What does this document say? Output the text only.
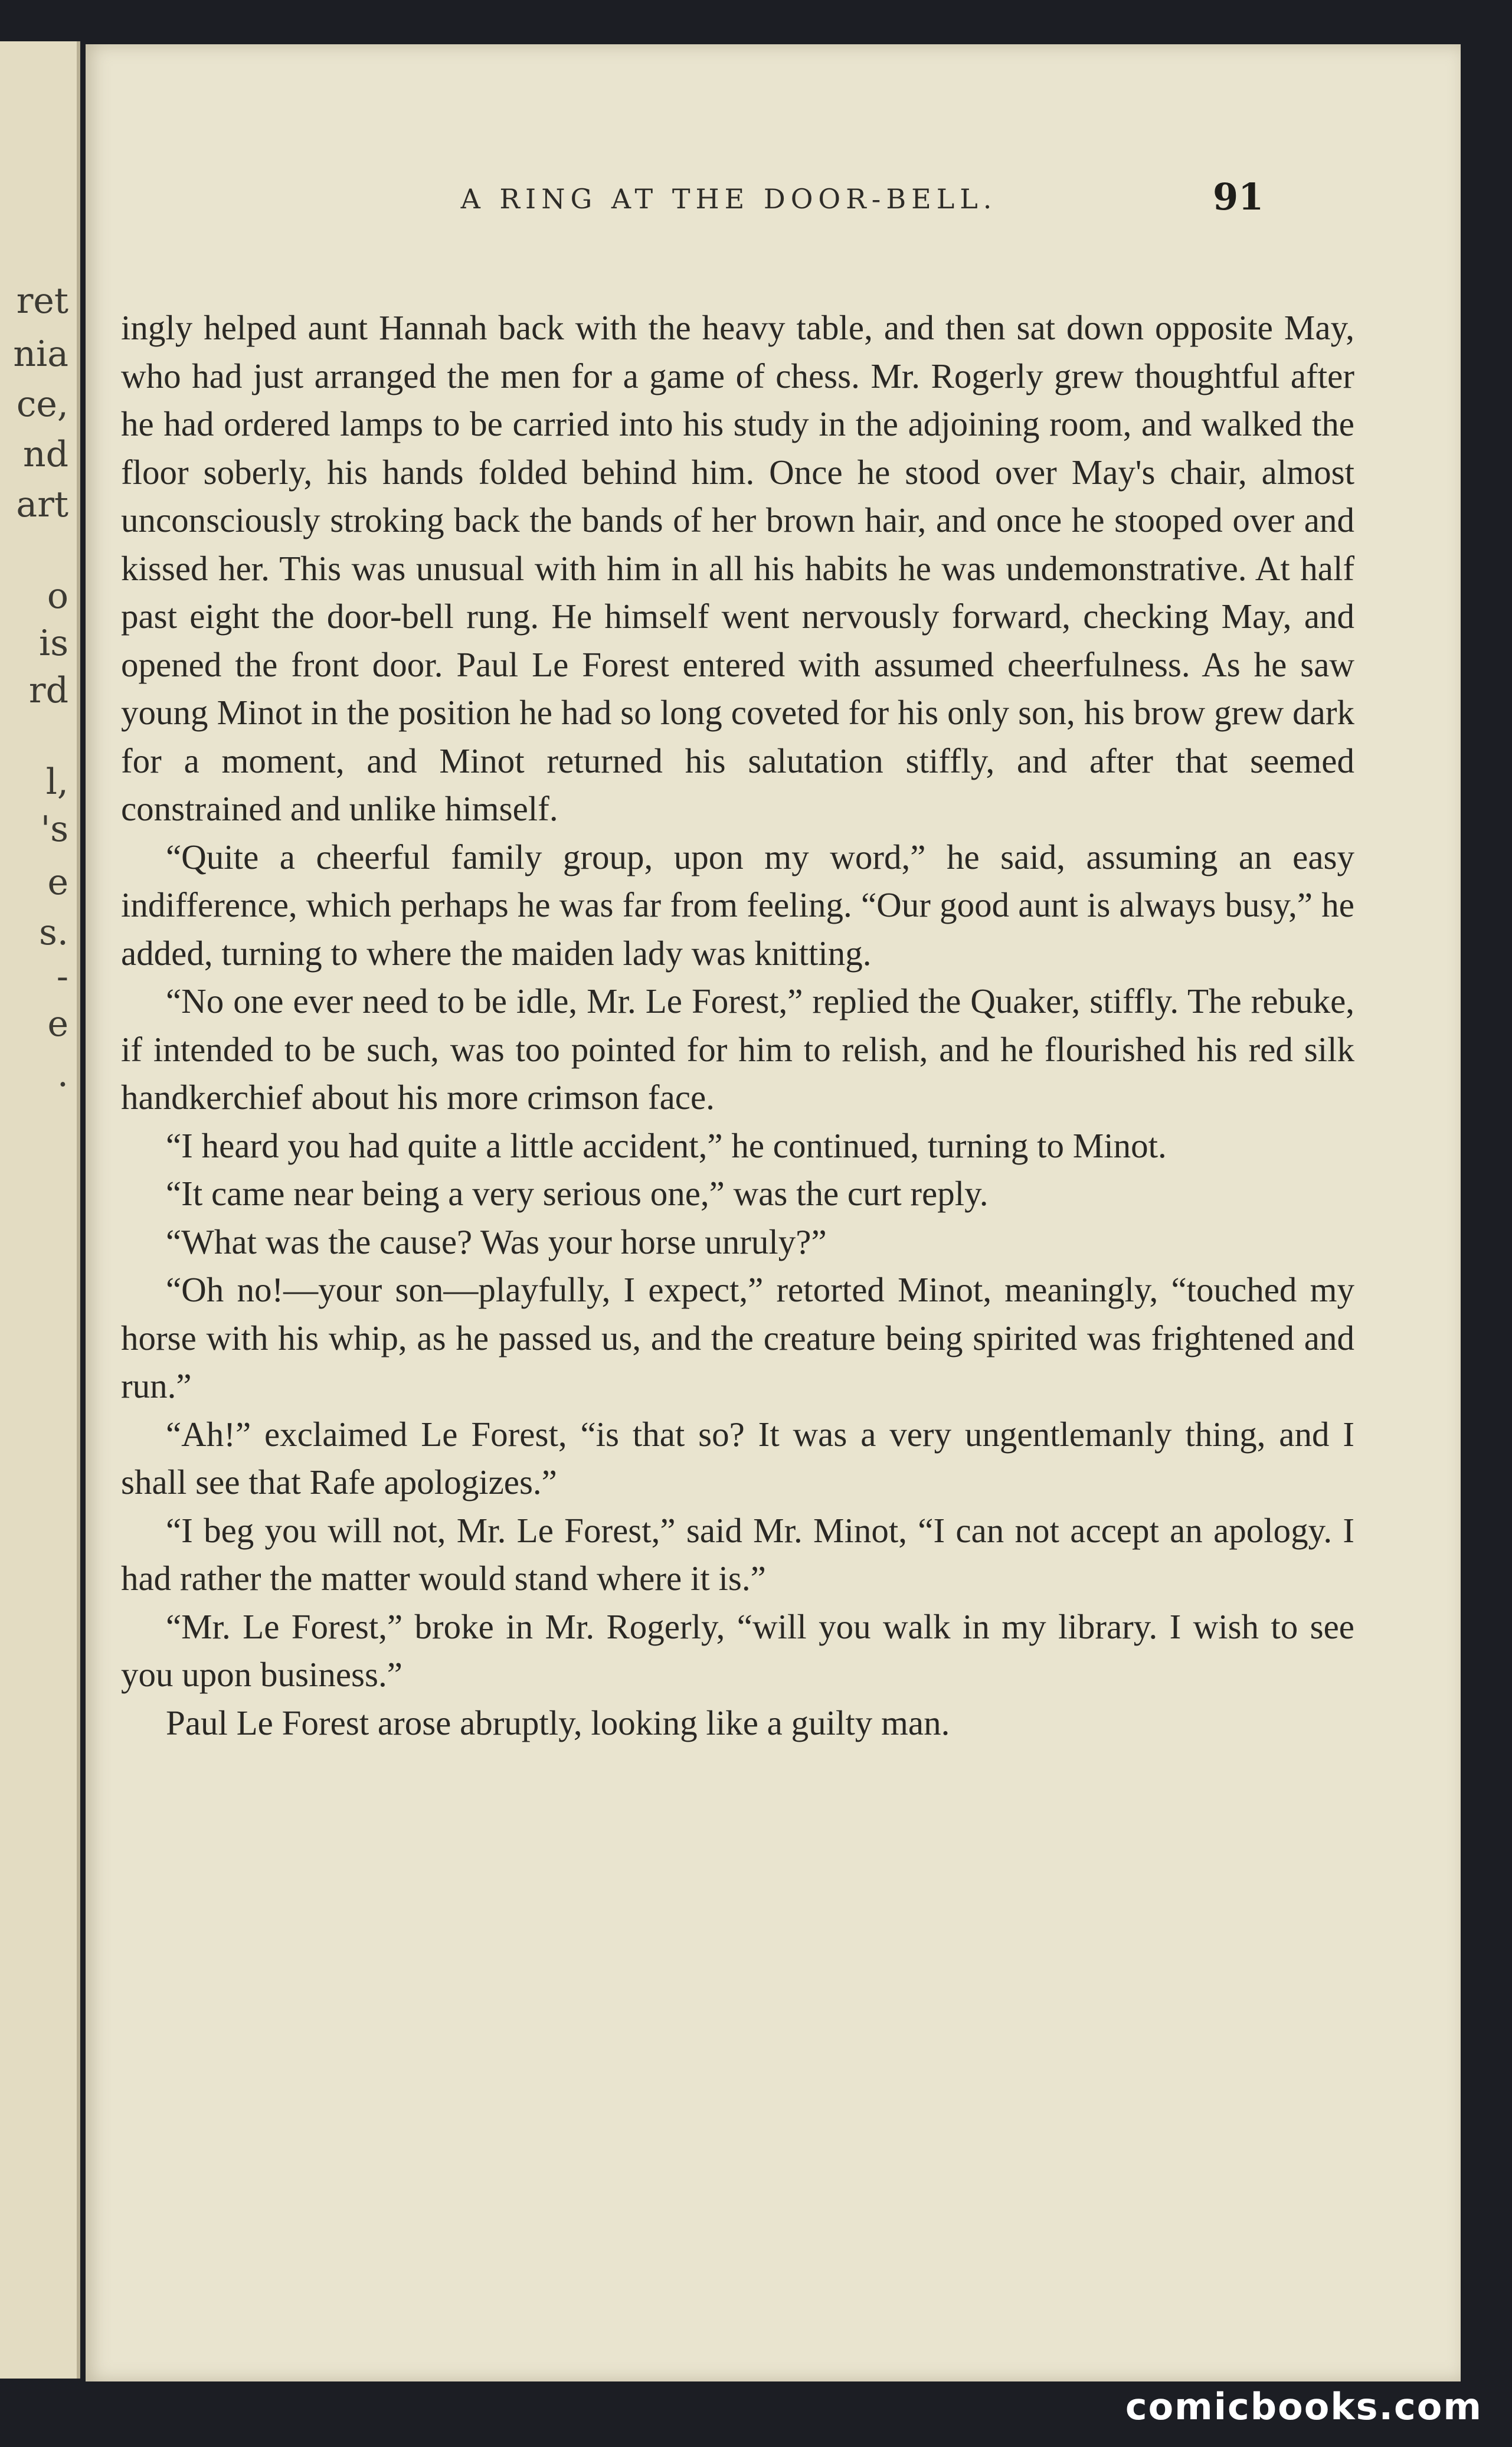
ret
nia
ce,
nd
art
o
is
rd
l,
's
e
s.
-
e
.
A RING AT THE DOOR-BELL.	91

ingly helped aunt Hannah back with the heavy table, and then sat down opposite May, who had just arranged the men for a game of chess. Mr. Rogerly grew thoughtful after he had ordered lamps to be carried into his study in the adjoining room, and walked the floor soberly, his hands folded behind him. Once he stood over May's chair, almost unconsciously stroking back the bands of her brown hair, and once he stooped over and kissed her. This was unusual with him in all his habits he was undemonstrative. At half past eight the door-bell rung. He himself went nervously forward, checking May, and opened the front door. Paul Le Forest entered with assumed cheerfulness. As he saw young Minot in the position he had so long coveted for his only son, his brow grew dark for a moment, and Minot returned his salutation stiffly, and after that seemed constrained and unlike himself.

“Quite a cheerful family group, upon my word,” he said, assuming an easy indifference, which perhaps he was far from feeling. “Our good aunt is always busy,” he added, turning to where the maiden lady was knitting.

“No one ever need to be idle, Mr. Le Forest,” replied the Quaker, stiffly. The rebuke, if intended to be such, was too pointed for him to relish, and he flourished his red silk handkerchief about his more crimson face.

“I heard you had quite a little accident,” he continued, turning to Minot.

“It came near being a very serious one,” was the curt reply.

“What was the cause? Was your horse unruly?”

“Oh no!—your son—playfully, I expect,” retorted Minot, meaningly, “touched my horse with his whip, as he passed us, and the creature being spirited was frightened and run.”

“Ah!” exclaimed Le Forest, “is that so? It was a very ungentlemanly thing, and I shall see that Rafe apologizes.”

“I beg you will not, Mr. Le Forest,” said Mr. Minot, “I can not accept an apology. I had rather the matter would stand where it is.”

“Mr. Le Forest,” broke in Mr. Rogerly, “will you walk in my library. I wish to see you upon business.”

Paul Le Forest arose abruptly, looking like a guilty man.

comicbooks.com
